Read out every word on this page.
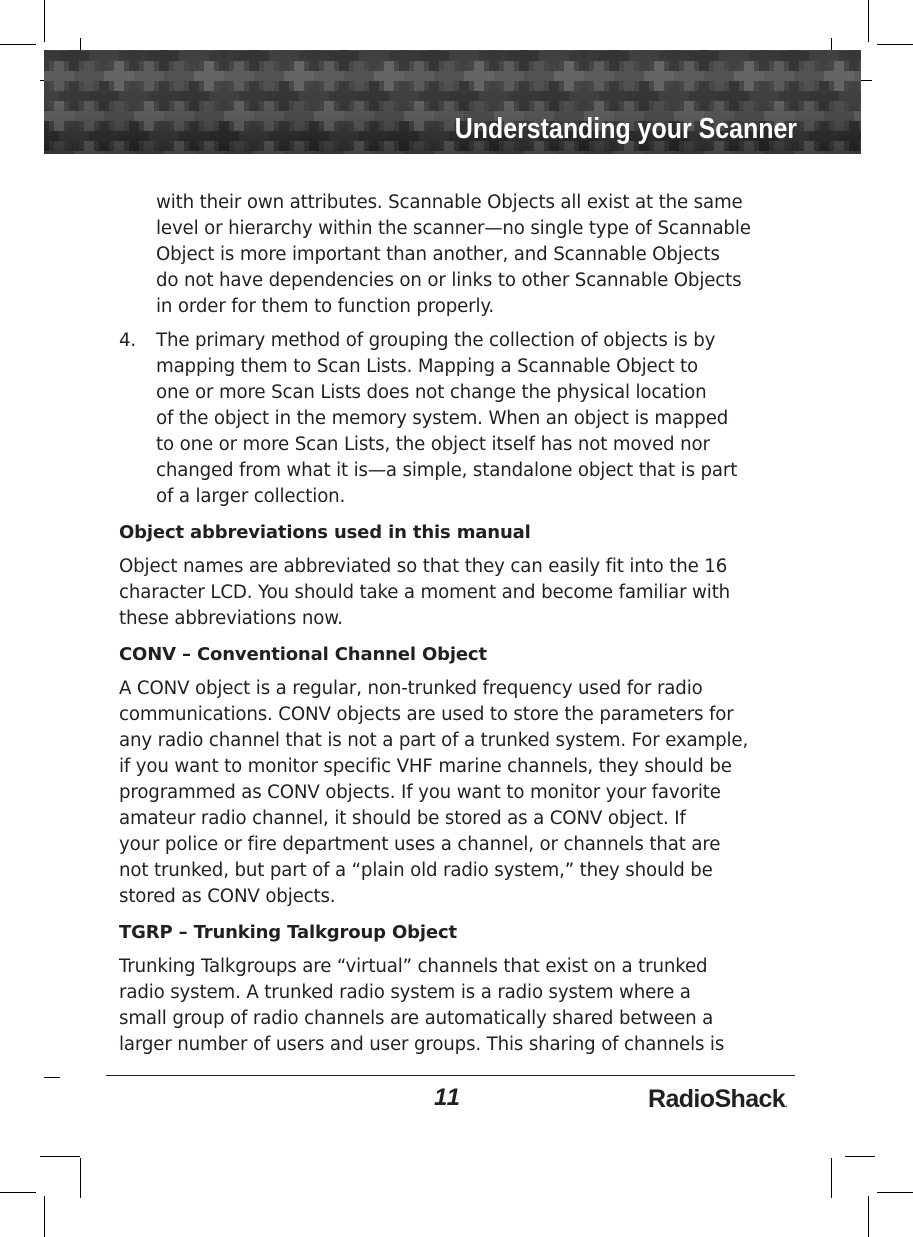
Understanding your Scanner
with their own attributes. Scannable Objects all exist at the same
level or hierarchy within the scanner—no single type of Scannable
Object is more important than another, and Scannable Objects
do not have dependencies on or links to other Scannable Objects
in order for them to function properly.
4. The primary method of grouping the collection of objects is by
mapping them to Scan Lists. Mapping a Scannable Object to
one or more Scan Lists does not change the physical location
of the object in the memory system. When an object is mapped
to one or more Scan Lists, the object itself has not moved nor
changed from what it is—a simple, standalone object that is part
of a larger collection.
Object abbreviations used in this manual
Object names are abbreviated so that they can easily fit into the 16
character LCD. You should take a moment and become familiar with
these abbreviations now.
CONV – Conventional Channel Object
A CONV object is a regular, non-trunked frequency used for radio
communications. CONV objects are used to store the parameters for
any radio channel that is not a part of a trunked system. For example,
if you want to monitor specific VHF marine channels, they should be
programmed as CONV objects. If you want to monitor your favorite
amateur radio channel, it should be stored as a CONV object. If
your police or fire department uses a channel, or channels that are
not trunked, but part of a “plain old radio system,” they should be
stored as CONV objects.
TGRP – Trunking Talkgroup Object
Trunking Talkgroups are “virtual” channels that exist on a trunked
radio system. A trunked radio system is a radio system where a
small group of radio channels are automatically shared between a
larger number of users and user groups. This sharing of channels is
11	RadioShack.
